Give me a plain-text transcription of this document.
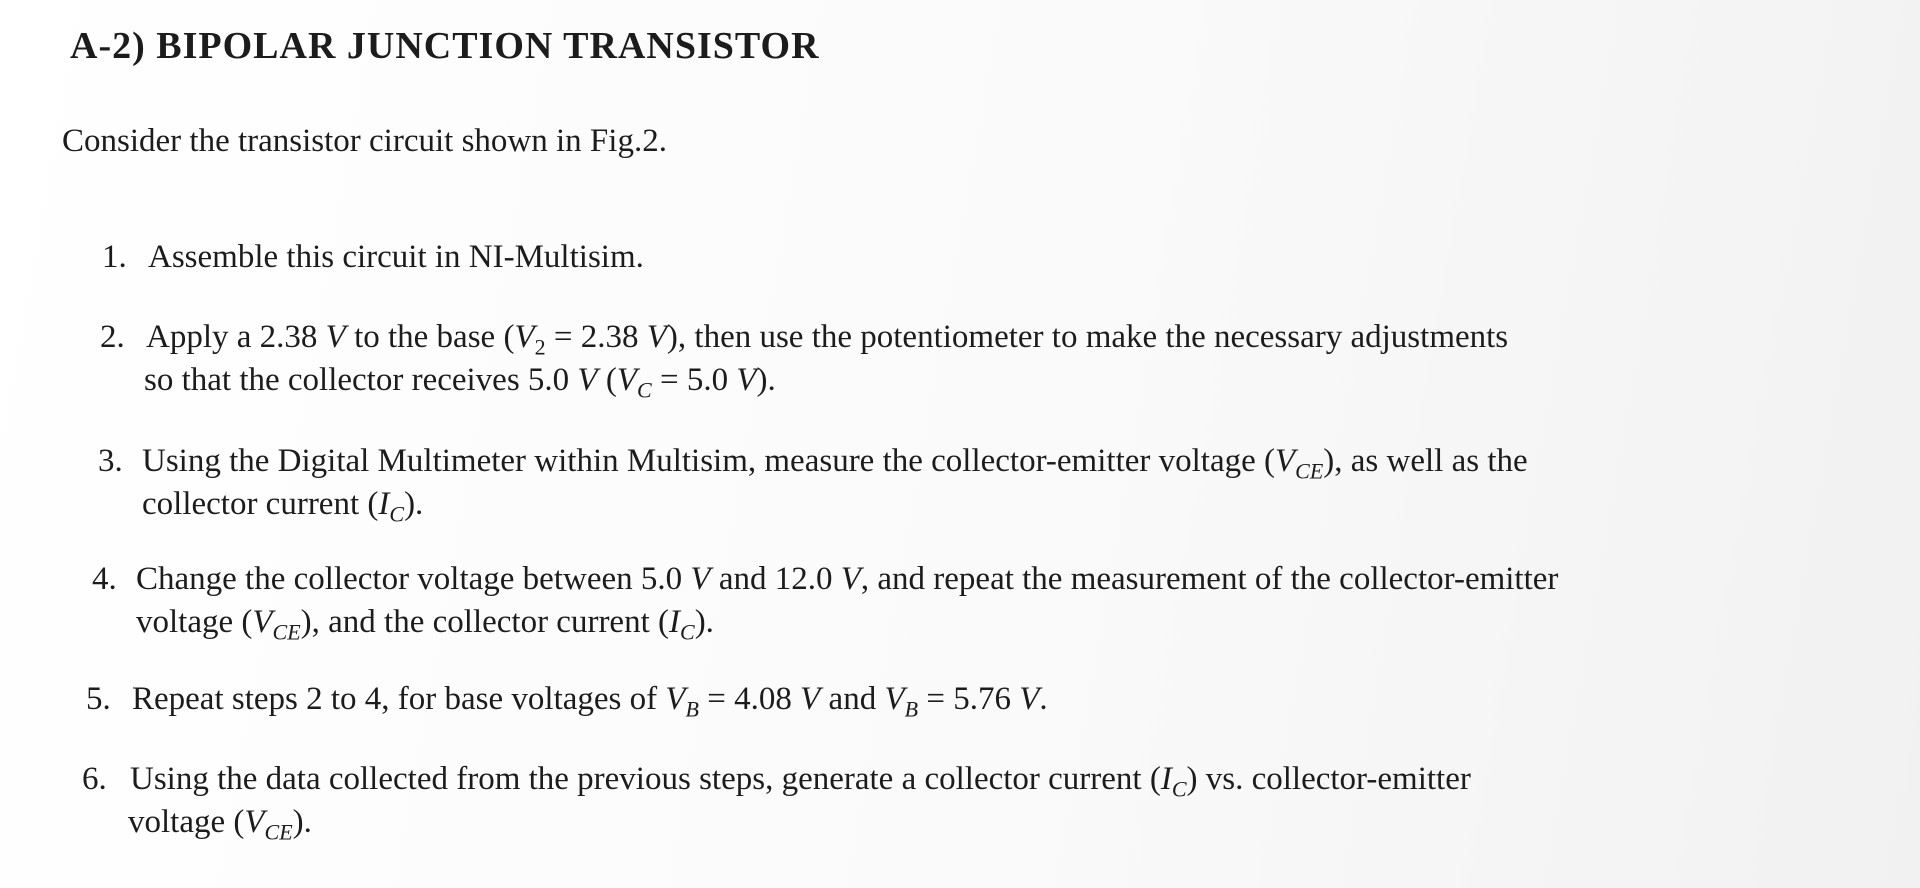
A-2) BIPOLAR JUNCTION TRANSISTOR
Consider the transistor circuit shown in Fig.2.
1. Assemble this circuit in NI-Multisim.
2. Apply a 2.38 V to the base ($V_2 = 2.38$ V), then use the potentiometer to make the necessary adjustments
so that the collector receives 5.0 V ($V_C = 5.0$ V).
3. Using the Digital Multimeter within Multisim, measure the collector-emitter voltage $(V_{CE})$, as well as the
collector current $(I_C)$.
4. Change the collector voltage between 5.0 V and 12.0 V, and repeat the measurement of the collector-emitter
voltage $(V_{CE})$, and the collector current $(I_C)$.
5. Repeat steps 2 to 4, for base voltages of $V_B = 4.08$ V and $V_B = 5.76$ V.
6. Using the data collected from the previous steps, generate a collector current $(I_C)$ vs. collector-emitter
voltage $(V_{CE})$.
